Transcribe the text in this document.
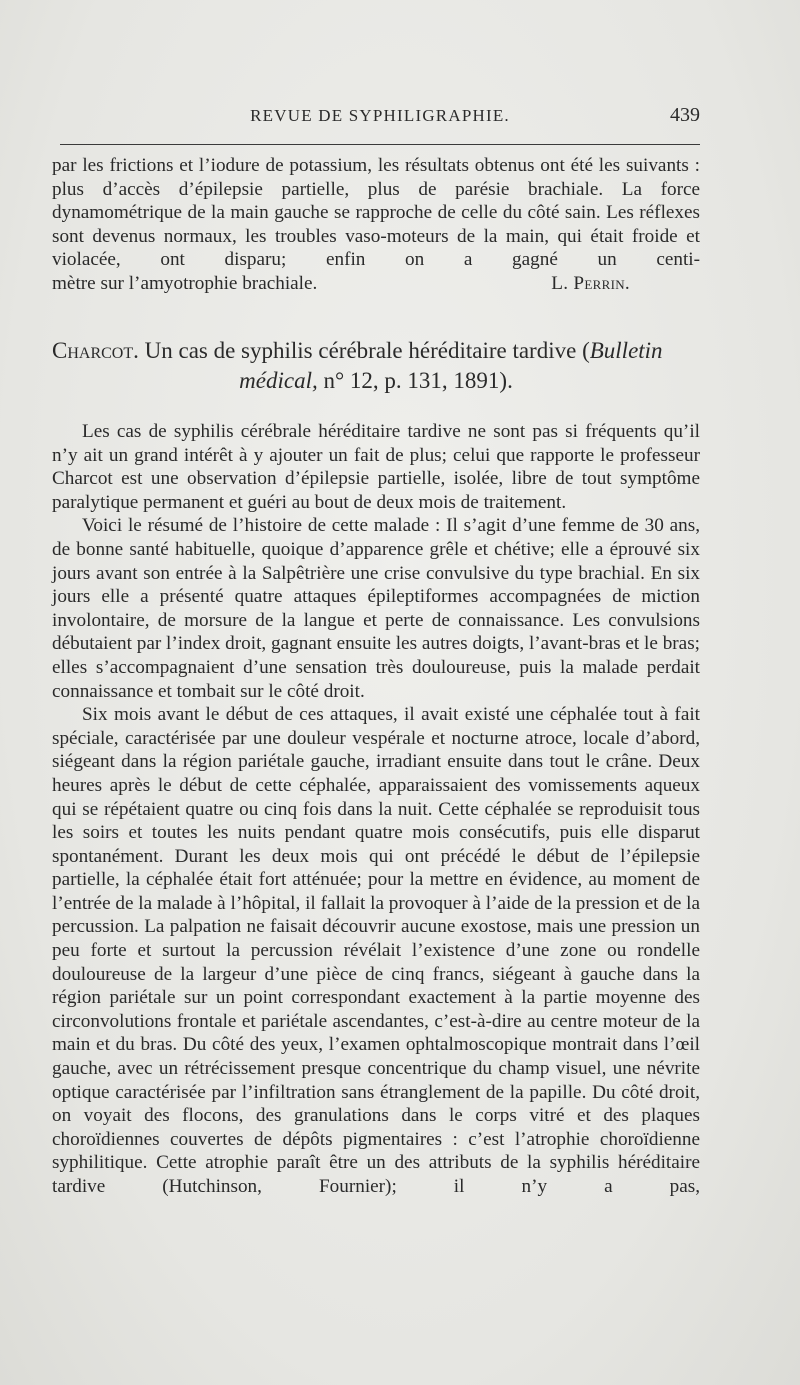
REVUE DE SYPHILIGRAPHIE.	439

par les frictions et l’iodure de potassium, les résultats obtenus ont été les suivants : plus d’accès d’épilepsie partielle, plus de parésie brachiale. La force dynamométrique de la main gauche se rapproche de celle du côté sain. Les réflexes sont devenus normaux, les troubles vaso-moteurs de la main, qui était froide et violacée, ont disparu; enfin on a gagné un centi-

mètre sur l’amyotrophie brachiale.	L. Perrin.
Charcot. Un cas de syphilis cérébrale héréditaire tardive (Bulletin
médical, n° 12, p. 131, 1891).

Les cas de syphilis cérébrale héréditaire tardive ne sont pas si fréquents qu’il n’y ait un grand intérêt à y ajouter un fait de plus; celui que rapporte le professeur Charcot est une observation d’épilepsie partielle, isolée, libre de tout symptôme paralytique permanent et guéri au bout de deux mois de traitement.

Voici le résumé de l’histoire de cette malade : Il s’agit d’une femme de 30 ans, de bonne santé habituelle, quoique d’apparence grêle et chétive; elle a éprouvé six jours avant son entrée à la Salpêtrière une crise convulsive du type brachial. En six jours elle a présenté quatre attaques épileptiformes accompagnées de miction involontaire, de morsure de la langue et perte de connaissance. Les convulsions débutaient par l’index droit, gagnant ensuite les autres doigts, l’avant-bras et le bras; elles s’accompagnaient d’une sensation très douloureuse, puis la malade perdait connaissance et tombait sur le côté droit.

Six mois avant le début de ces attaques, il avait existé une céphalée tout à fait spéciale, caractérisée par une douleur vespérale et nocturne atroce, locale d’abord, siégeant dans la région pariétale gauche, irradiant ensuite dans tout le crâne. Deux heures après le début de cette céphalée, apparaissaient des vomissements aqueux qui se répétaient quatre ou cinq fois dans la nuit. Cette céphalée se reproduisit tous les soirs et toutes les nuits pendant quatre mois consécutifs, puis elle disparut spontanément. Durant les deux mois qui ont précédé le début de l’épilepsie partielle, la céphalée était fort atténuée; pour la mettre en évidence, au moment de l’entrée de la malade à l’hôpital, il fallait la provoquer à l’aide de la pression et de la percussion. La palpation ne faisait découvrir aucune exostose, mais une pression un peu forte et surtout la percussion révélait l’existence d’une zone ou rondelle douloureuse de la largeur d’une pièce de cinq francs, siégeant à gauche dans la région pariétale sur un point correspondant exactement à la partie moyenne des circonvolutions frontale et pariétale ascendantes, c’est-à-dire au centre moteur de la main et du bras. Du côté des yeux, l’examen ophtalmoscopique montrait dans l’œil gauche, avec un rétrécissement presque concentrique du champ visuel, une névrite optique caractérisée par l’infiltration sans étranglement de la papille. Du côté droit, on voyait des flocons, des granulations dans le corps vitré et des plaques choroïdiennes couvertes de dépôts pigmentaires : c’est l’atrophie choroïdienne syphilitique. Cette atrophie paraît être un des attributs de la syphilis héréditaire tardive (Hutchinson, Fournier); il n’y a pas,
